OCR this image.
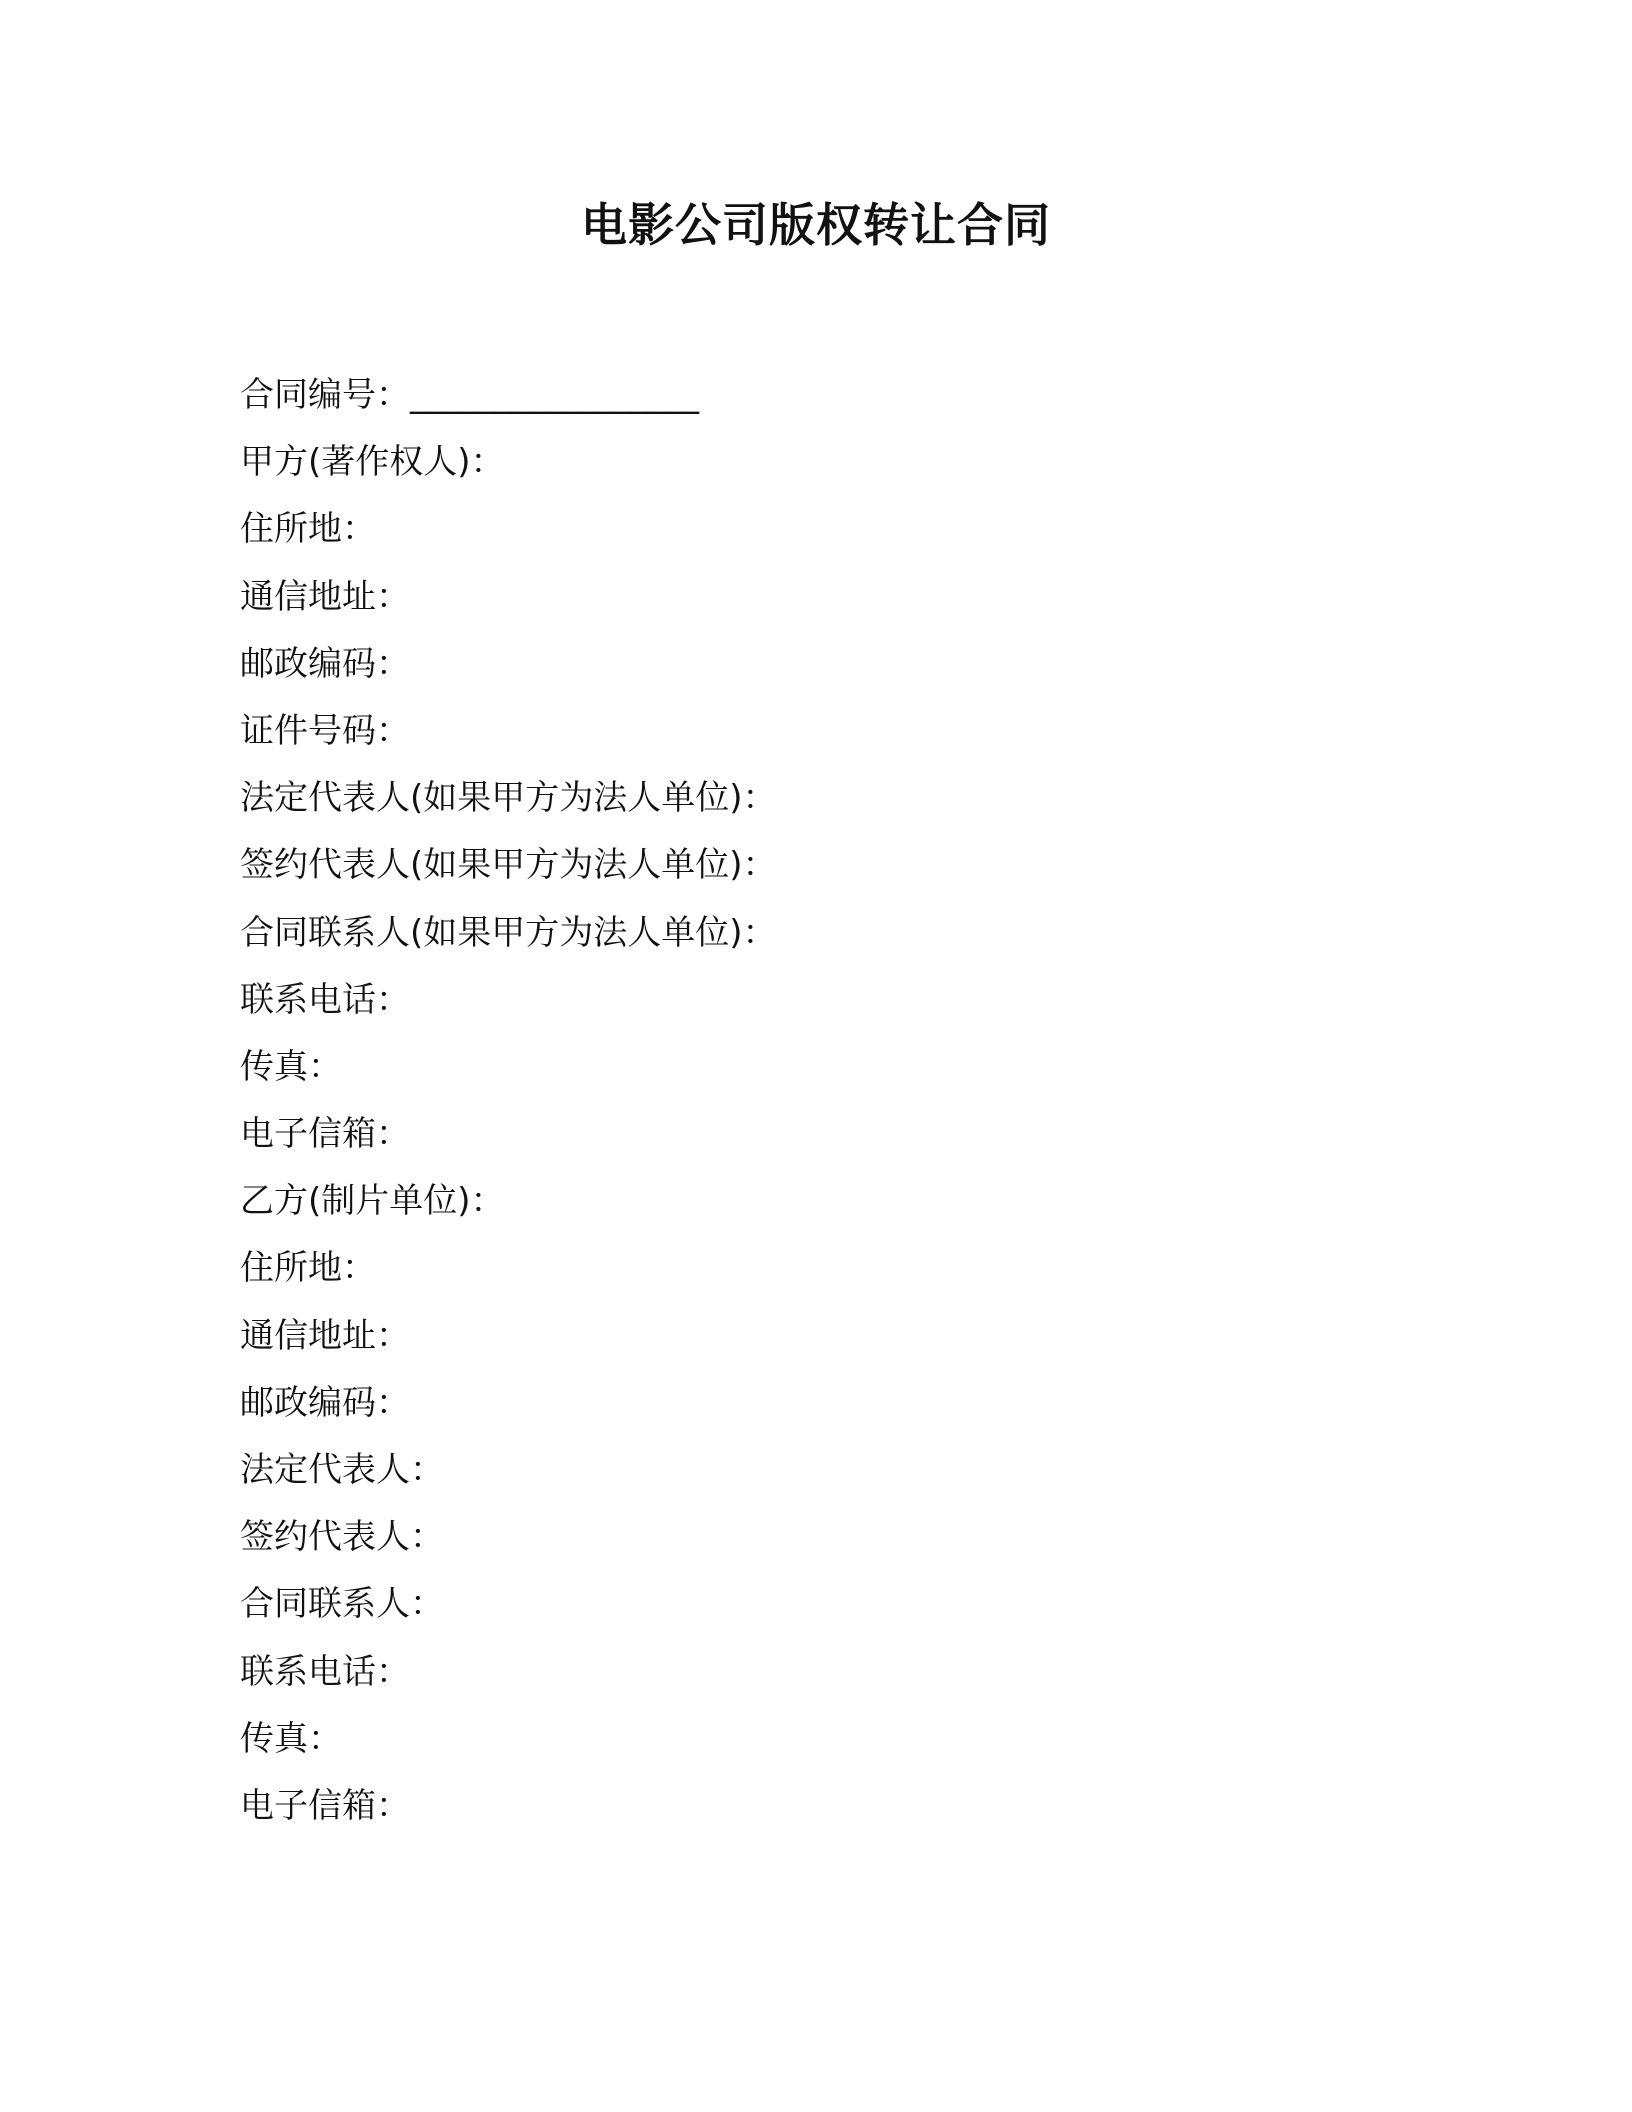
电影公司版权转让合同
合同编号：_________________
甲方(著作权人)：
住所地：
通信地址：
邮政编码：
证件号码：
法定代表人(如果甲方为法人单位)：
签约代表人(如果甲方为法人单位)：
合同联系人(如果甲方为法人单位)：
联系电话：
传真：
电子信箱：
乙方(制片单位)：
住所地：
通信地址：
邮政编码：
法定代表人：
签约代表人：
合同联系人：
联系电话：
传真：
电子信箱：
